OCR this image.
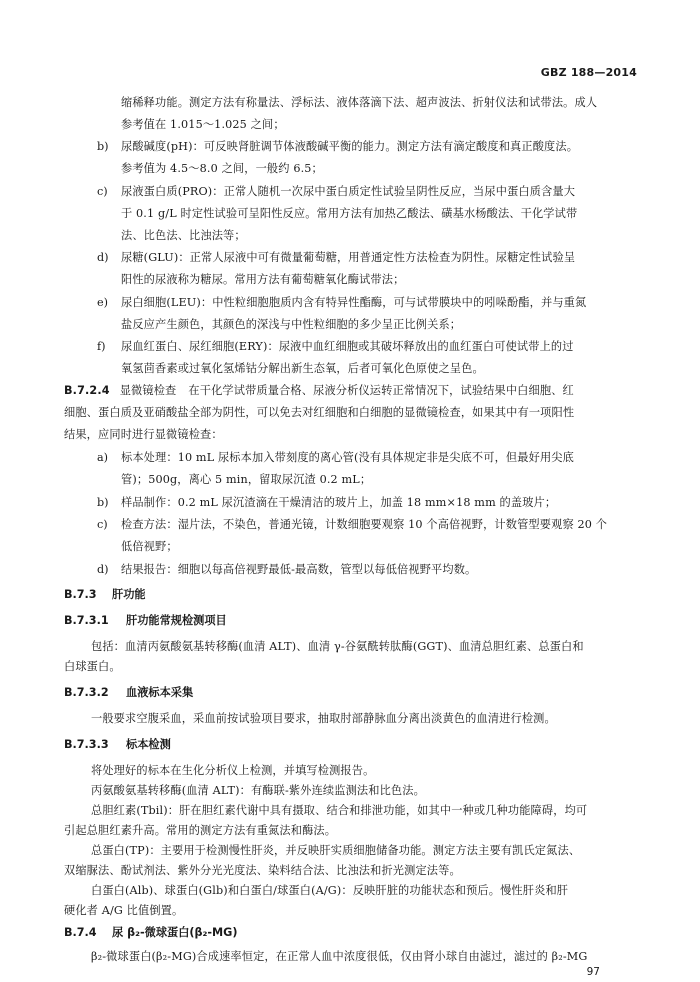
GBZ 188—2014
缩稀释功能。测定方法有称量法、浮标法、液体落滴下法、超声波法、折射仪法和试带法。成人
参考值在 1.015～1.025 之间；
b) 尿酸碱度(pH)：可反映肾脏调节体液酸碱平衡的能力。测定方法有滴定酸度和真正酸度法。
参考值为 4.5～8.0 之间，一般约 6.5；
c) 尿液蛋白质(PRO)：正常人随机一次尿中蛋白质定性试验呈阴性反应，当尿中蛋白质含量大
于 0.1 g/L 时定性试验可呈阳性反应。常用方法有加热乙酸法、磺基水杨酸法、干化学试带
法、比色法、比浊法等；
d) 尿糖(GLU)：正常人尿液中可有微量葡萄糖，用普通定性方法检查为阴性。尿糖定性试验呈
阳性的尿液称为糖尿。常用方法有葡萄糖氧化酶试带法；
e) 尿白细胞(LEU)：中性粒细胞胞质内含有特异性酯酶，可与试带膜块中的吲哚酚酯，并与重氮
盐反应产生颜色，其颜色的深浅与中性粒细胞的多少呈正比例关系；
f) 尿血红蛋白、尿红细胞(ERY)：尿液中血红细胞或其破坏释放出的血红蛋白可使试带上的过
氧氢茴香素或过氧化氢烯钴分解出新生态氧，后者可氧化色原使之呈色。
B.7.2.4 显微镜检查 在干化学试带质量合格、尿液分析仪运转正常情况下，试验结果中白细胞、红
细胞、蛋白质及亚硝酸盐全部为阴性，可以免去对红细胞和白细胞的显微镜检查，如果其中有一项阳性
结果，应同时进行显微镜检查：
a) 标本处理：10 mL 尿标本加入带刻度的离心管(没有具体规定非是尖底不可，但最好用尖底
管)；500g，离心 5 min，留取尿沉渣 0.2 mL；
b) 样品制作：0.2 mL 尿沉渣滴在干燥清洁的玻片上，加盖 18 mm×18 mm 的盖玻片；
c) 检查方法：湿片法，不染色，普通光镜，计数细胞要观察 10 个高倍视野，计数管型要观察 20 个
低倍视野；
d) 结果报告：细胞以每高倍视野最低-最高数，管型以每低倍视野平均数。
B.7.3 肝功能
B.7.3.1 肝功能常规检测项目
包括：血清丙氨酸氨基转移酶(血清 ALT)、血清 γ-谷氨酰转肽酶(GGT)、血清总胆红素、总蛋白和
白球蛋白。
B.7.3.2 血液标本采集
一般要求空腹采血，采血前按试验项目要求，抽取肘部静脉血分离出淡黄色的血清进行检测。
B.7.3.3 标本检测
将处理好的标本在生化分析仪上检测，并填写检测报告。
丙氨酸氨基转移酶(血清 ALT)：有酶联-紫外连续监测法和比色法。
总胆红素(Tbil)：肝在胆红素代谢中具有摄取、结合和排泄功能，如其中一种或几种功能障碍，均可
引起总胆红素升高。常用的测定方法有重氮法和酶法。
总蛋白(TP)：主要用于检测慢性肝炎，并反映肝实质细胞储备功能。测定方法主要有凯氏定氮法、
双缩脲法、酚试剂法、紫外分光光度法、染料结合法、比浊法和折光测定法等。
白蛋白(Alb)、球蛋白(Glb)和白蛋白/球蛋白(A/G)：反映肝脏的功能状态和预后。慢性肝炎和肝
硬化者 A/G 比值倒置。
B.7.4 尿 β₂-微球蛋白(β₂-MG)
β₂-微球蛋白(β₂-MG)合成速率恒定，在正常人血中浓度很低，仅由肾小球自由滤过，滤过的 β₂-MG
97
